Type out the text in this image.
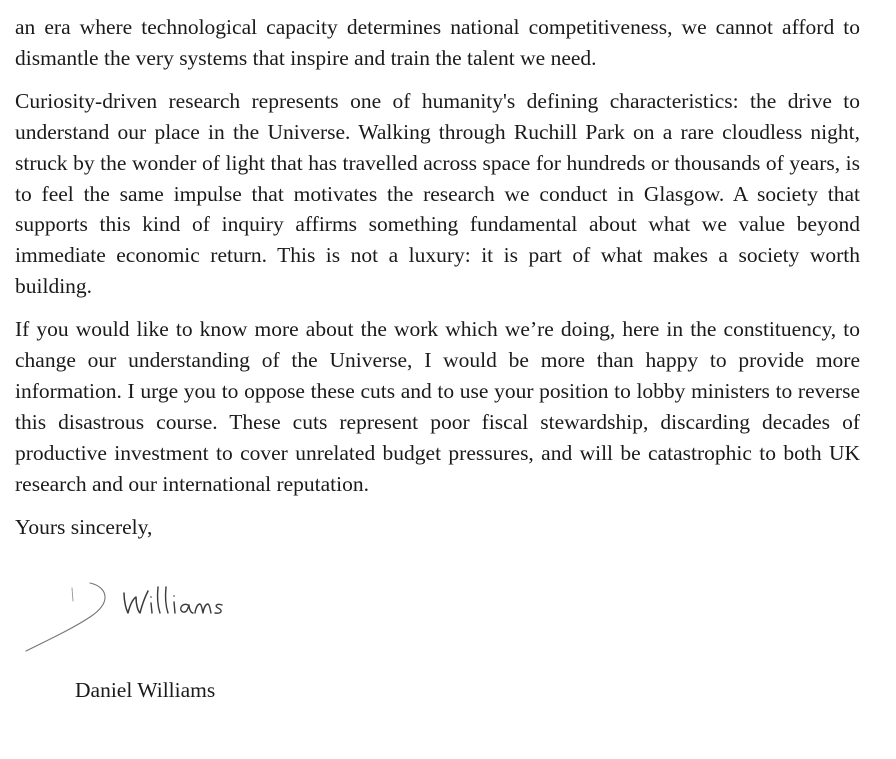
an era where technological capacity determines national competitiveness, we cannot afford to dismantle the very systems that inspire and train the talent we need.

Curiosity-driven research represents one of humanity's defining characteristics: the drive to understand our place in the Universe. Walking through Ruchill Park on a rare cloudless night, struck by the wonder of light that has travelled across space for hundreds or thousands of years, is to feel the same impulse that motivates the research we conduct in Glasgow. A society that supports this kind of inquiry affirms something fundamental about what we value beyond immediate economic return. This is not a luxury: it is part of what makes a society worth building.

If you would like to know more about the work which we’re doing, here in the constituency, to change our understanding of the Universe, I would be more than happy to provide more information. I urge you to oppose these cuts and to use your position to lobby ministers to reverse this disastrous course. These cuts represent poor fiscal stewardship, discarding decades of productive investment to cover unrelated budget pressures, and will be catastrophic to both UK research and our international reputation.

Yours sincerely,

Daniel Williams
